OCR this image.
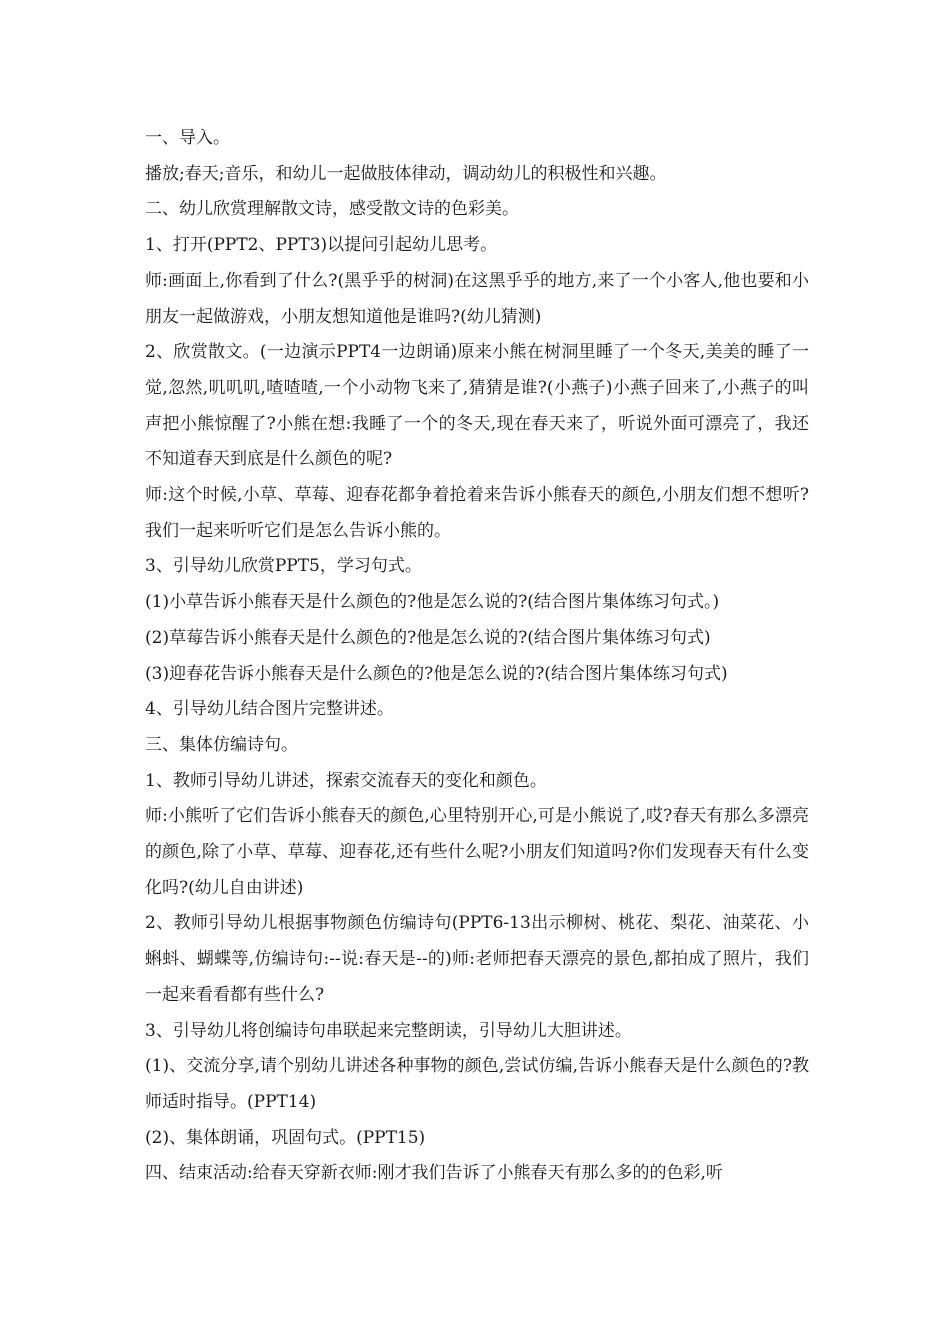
一、导入。

播放;春天;音乐，和幼儿一起做肢体律动，调动幼儿的积极性和兴趣。

二、幼儿欣赏理解散文诗，感受散文诗的色彩美。

1、打开(PPT2、PPT3)以提问引起幼儿思考。

师:画面上,你看到了什么?(黑乎乎的树洞)在这黑乎乎的地方,来了一个小客人,他也要和小朋友一起做游戏，小朋友想知道他是谁吗?(幼儿猜测)

2、欣赏散文。(一边演示PPT4一边朗诵)原来小熊在树洞里睡了一个冬天,美美的睡了一觉,忽然,叽叽叽,喳喳喳,一个小动物飞来了,猜猜是谁?(小燕子)小燕子回来了,小燕子的叫声把小熊惊醒了?小熊在想:我睡了一个的冬天,现在春天来了，听说外面可漂亮了，我还不知道春天到底是什么颜色的呢?

师:这个时候,小草、草莓、迎春花都争着抢着来告诉小熊春天的颜色,小朋友们想不想听?我们一起来听听它们是怎么告诉小熊的。

3、引导幼儿欣赏PPT5，学习句式。

(1)小草告诉小熊春天是什么颜色的?他是怎么说的?(结合图片集体练习句式。)

(2)草莓告诉小熊春天是什么颜色的?他是怎么说的?(结合图片集体练习句式)

(3)迎春花告诉小熊春天是什么颜色的?他是怎么说的?(结合图片集体练习句式)

4、引导幼儿结合图片完整讲述。

三、集体仿编诗句。

1、教师引导幼儿讲述，探索交流春天的变化和颜色。

师:小熊听了它们告诉小熊春天的颜色,心里特别开心,可是小熊说了,哎?春天有那么多漂亮的颜色,除了小草、草莓、迎春花,还有些什么呢?小朋友们知道吗?你们发现春天有什么变化吗?(幼儿自由讲述)

2、教师引导幼儿根据事物颜色仿编诗句(PPT6-13出示柳树、桃花、梨花、油菜花、小蝌蚪、蝴蝶等,仿编诗句:--说:春天是--的)师:老师把春天漂亮的景色,都拍成了照片，我们一起来看看都有些什么?

3、引导幼儿将创编诗句串联起来完整朗读，引导幼儿大胆讲述。

(1)、交流分享,请个别幼儿讲述各种事物的颜色,尝试仿编,告诉小熊春天是什么颜色的?教师适时指导。(PPT14)

(2)、集体朗诵，巩固句式。(PPT15)

四、结束活动:给春天穿新衣师:刚才我们告诉了小熊春天有那么多的的色彩,听
